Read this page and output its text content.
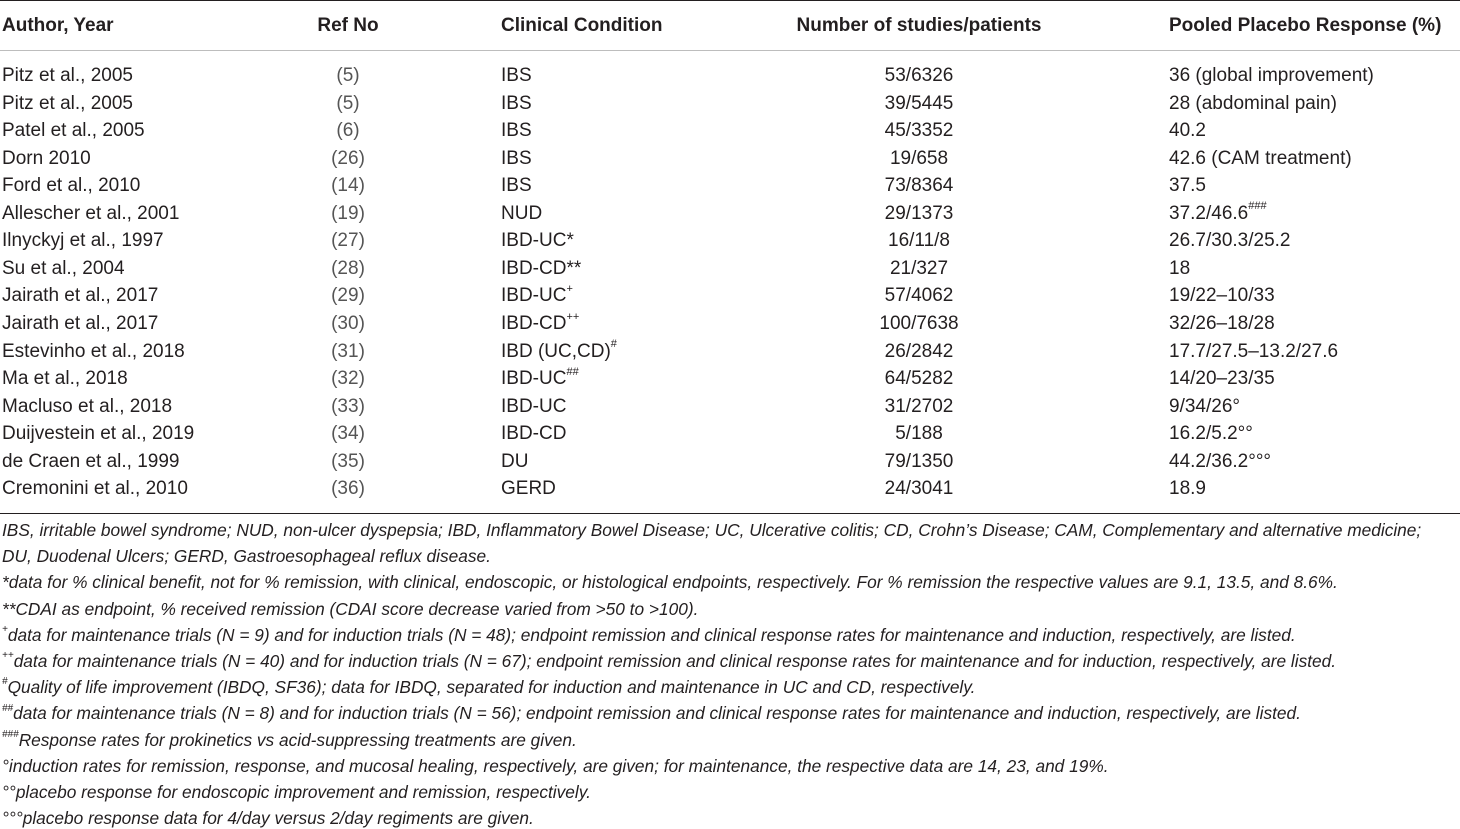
Author, Year	Ref No	Clinical Condition	Number of studies/patients	Pooled Placebo Response (%)
Pitz et al., 2005	(5)	IBS	53/6326	36 (global improvement)
Pitz et al., 2005	(5)	IBS	39/5445	28 (abdominal pain)
Patel et al., 2005	(6)	IBS	45/3352	40.2
Dorn 2010	(26)	IBS	19/658	42.6 (CAM treatment)
Ford et al., 2010	(14)	IBS	73/8364	37.5
Allescher et al., 2001	(19)	NUD	29/1373	37.2/46.6###
Ilnyckyj et al., 1997	(27)	IBD-UC*	16/11/8	26.7/30.3/25.2
Su et al., 2004	(28)	IBD-CD**	21/327	18
Jairath et al., 2017	(29)	IBD-UC+	57/4062	19/22–10/33
Jairath et al., 2017	(30)	IBD-CD++	100/7638	32/26–18/28
Estevinho et al., 2018	(31)	IBD (UC,CD)#	26/2842	17.7/27.5–13.2/27.6
Ma et al., 2018	(32)	IBD-UC##	64/5282	14/20–23/35
Macluso et al., 2018	(33)	IBD-UC	31/2702	9/34/26°
Duijvestein et al., 2019	(34)	IBD-CD	5/188	16.2/5.2°°
de Craen et al., 1999	(35)	DU	79/1350	44.2/36.2°°°
Cremonini et al., 2010	(36)	GERD	24/3041	18.9
IBS, irritable bowel syndrome; NUD, non-ulcer dyspepsia; IBD, Inflammatory Bowel Disease; UC, Ulcerative colitis; CD, Crohn’s Disease; CAM, Complementary and alternative medicine;
DU, Duodenal Ulcers; GERD, Gastroesophageal reflux disease.
*data for % clinical benefit, not for % remission, with clinical, endoscopic, or histological endpoints, respectively. For % remission the respective values are 9.1, 13.5, and 8.6%.
**CDAI as endpoint, % received remission (CDAI score decrease varied from >50 to >100).
+data for maintenance trials (N = 9) and for induction trials (N = 48); endpoint remission and clinical response rates for maintenance and induction, respectively, are listed.
++data for maintenance trials (N = 40) and for induction trials (N = 67); endpoint remission and clinical response rates for maintenance and for induction, respectively, are listed.
#Quality of life improvement (IBDQ, SF36); data for IBDQ, separated for induction and maintenance in UC and CD, respectively.
##data for maintenance trials (N = 8) and for induction trials (N = 56); endpoint remission and clinical response rates for maintenance and induction, respectively, are listed.
###Response rates for prokinetics vs acid-suppressing treatments are given.
°induction rates for remission, response, and mucosal healing, respectively, are given; for maintenance, the respective data are 14, 23, and 19%.
°°placebo response for endoscopic improvement and remission, respectively.
°°°placebo response data for 4/day versus 2/day regiments are given.
